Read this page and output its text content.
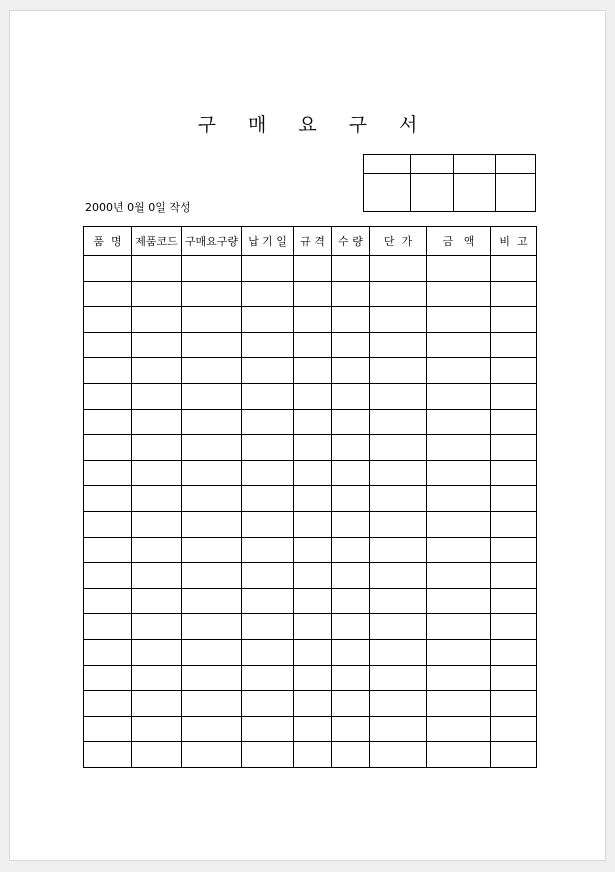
구 매 요 구 서

2000년 0월 0일 작성
품  명	제품코드	구매요구량	납 기 일	규 격	수 량	단  가	금   액	비  고
